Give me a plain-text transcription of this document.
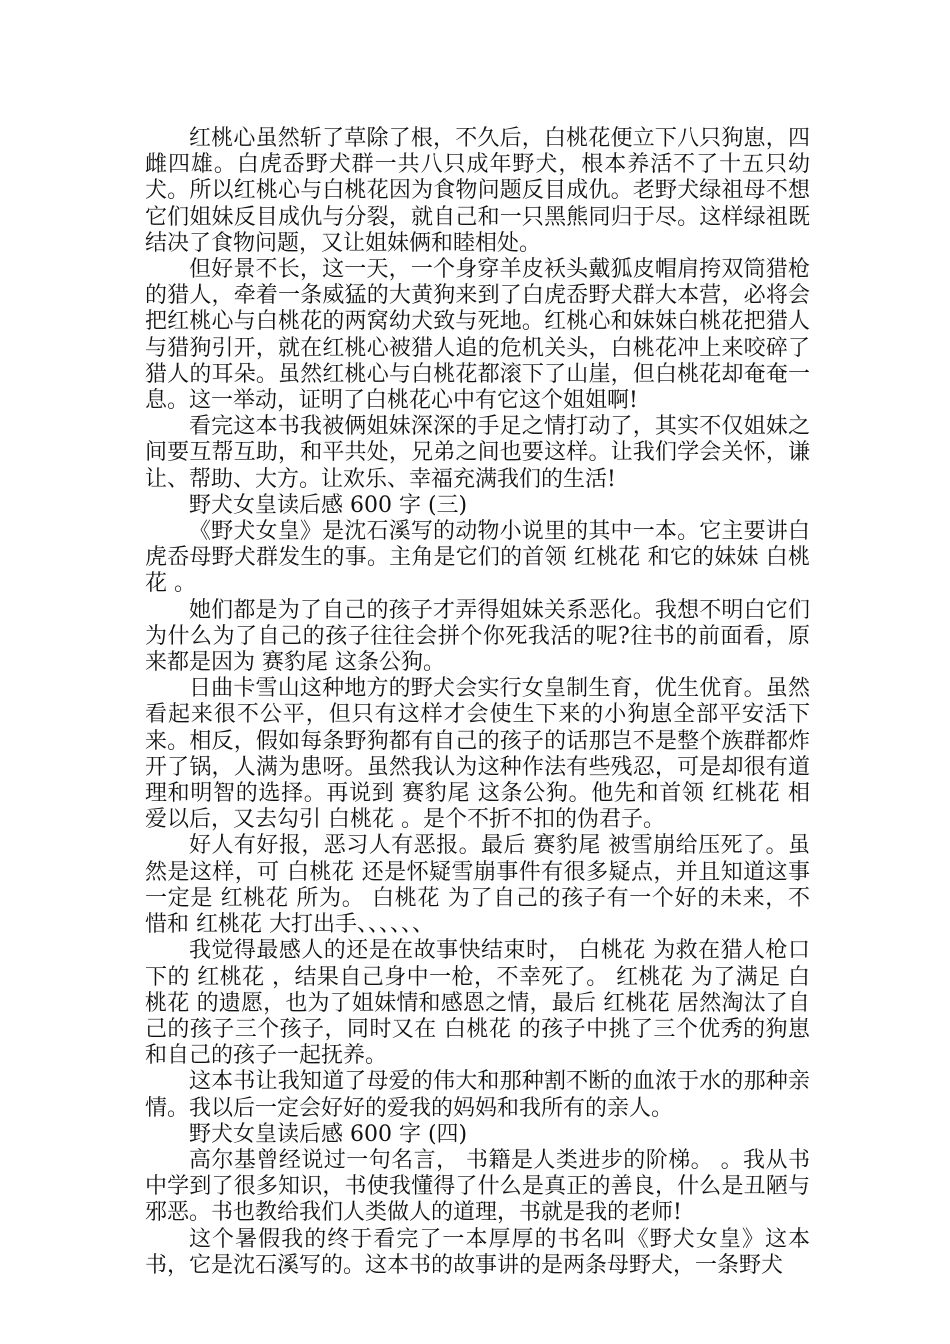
红桃心虽然斩了草除了根，不久后，白桃花便立下八只狗崽，四雌四雄。白虎岙野犬群一共八只成年野犬，根本养活不了十五只幼犬。所以红桃心与白桃花因为食物问题反目成仇。老野犬绿祖母不想它们姐妹反目成仇与分裂，就自己和一只黑熊同归于尽。这样绿祖既结决了食物问题，又让姐妹俩和睦相处。

但好景不长，这一天，一个身穿羊皮袄头戴狐皮帽肩挎双筒猎枪的猎人，牵着一条威猛的大黄狗来到了白虎岙野犬群大本营，必将会把红桃心与白桃花的两窝幼犬致与死地。红桃心和妹妹白桃花把猎人与猎狗引开，就在红桃心被猎人追的危机关头，白桃花冲上来咬碎了猎人的耳朵。虽然红桃心与白桃花都滚下了山崖，但白桃花却奄奄一息。这一举动，证明了白桃花心中有它这个姐姐啊!

看完这本书我被俩姐妹深深的手足之情打动了，其实不仅姐妹之间要互帮互助，和平共处，兄弟之间也要这样。让我们学会关怀，谦让、帮助、大方。让欢乐、幸福充满我们的生活!

野犬女皇读后感 600 字 (三)

《野犬女皇》是沈石溪写的动物小说里的其中一本。它主要讲白虎岙母野犬群发生的事。主角是它们的首领 红桃花 和它的妹妹 白桃花 。

她们都是为了自己的孩子才弄得姐妹关系恶化。我想不明白它们为什么为了自己的孩子往往会拼个你死我活的呢?往书的前面看，原来都是因为 赛豹尾 这条公狗。

日曲卡雪山这种地方的野犬会实行女皇制生育，优生优育。虽然看起来很不公平，但只有这样才会使生下来的小狗崽全部平安活下来。相反，假如每条野狗都有自己的孩子的话那岂不是整个族群都炸开了锅，人满为患呀。虽然我认为这种作法有些残忍，可是却很有道理和明智的选择。再说到 赛豹尾 这条公狗。他先和首领 红桃花 相爱以后，又去勾引 白桃花 。是个不折不扣的伪君子。

好人有好报，恶习人有恶报。最后 赛豹尾 被雪崩给压死了。虽然是这样，可 白桃花 还是怀疑雪崩事件有很多疑点，并且知道这事一定是 红桃花 所为。 白桃花 为了自己的孩子有一个好的未来，不惜和 红桃花 大打出手、、、、、、

我觉得最感人的还是在故事快结束时， 白桃花 为救在猎人枪口下的 红桃花 ，结果自己身中一枪，不幸死了。 红桃花 为了满足 白桃花 的遗愿，也为了姐妹情和感恩之情，最后 红桃花 居然淘汰了自己的孩子三个孩子，同时又在 白桃花 的孩子中挑了三个优秀的狗崽和自己的孩子一起抚养。

这本书让我知道了母爱的伟大和那种割不断的血浓于水的那种亲情。我以后一定会好好的爱我的妈妈和我所有的亲人。

野犬女皇读后感 600 字 (四)

高尔基曾经说过一句名言， 书籍是人类进步的阶梯。 。我从书中学到了很多知识，书使我懂得了什么是真正的善良，什么是丑陋与邪恶。书也教给我们人类做人的道理，书就是我的老师!

这个暑假我的终于看完了一本厚厚的书名叫《野犬女皇》这本书，它是沈石溪写的。这本书的故事讲的是两条母野犬，一条野犬
